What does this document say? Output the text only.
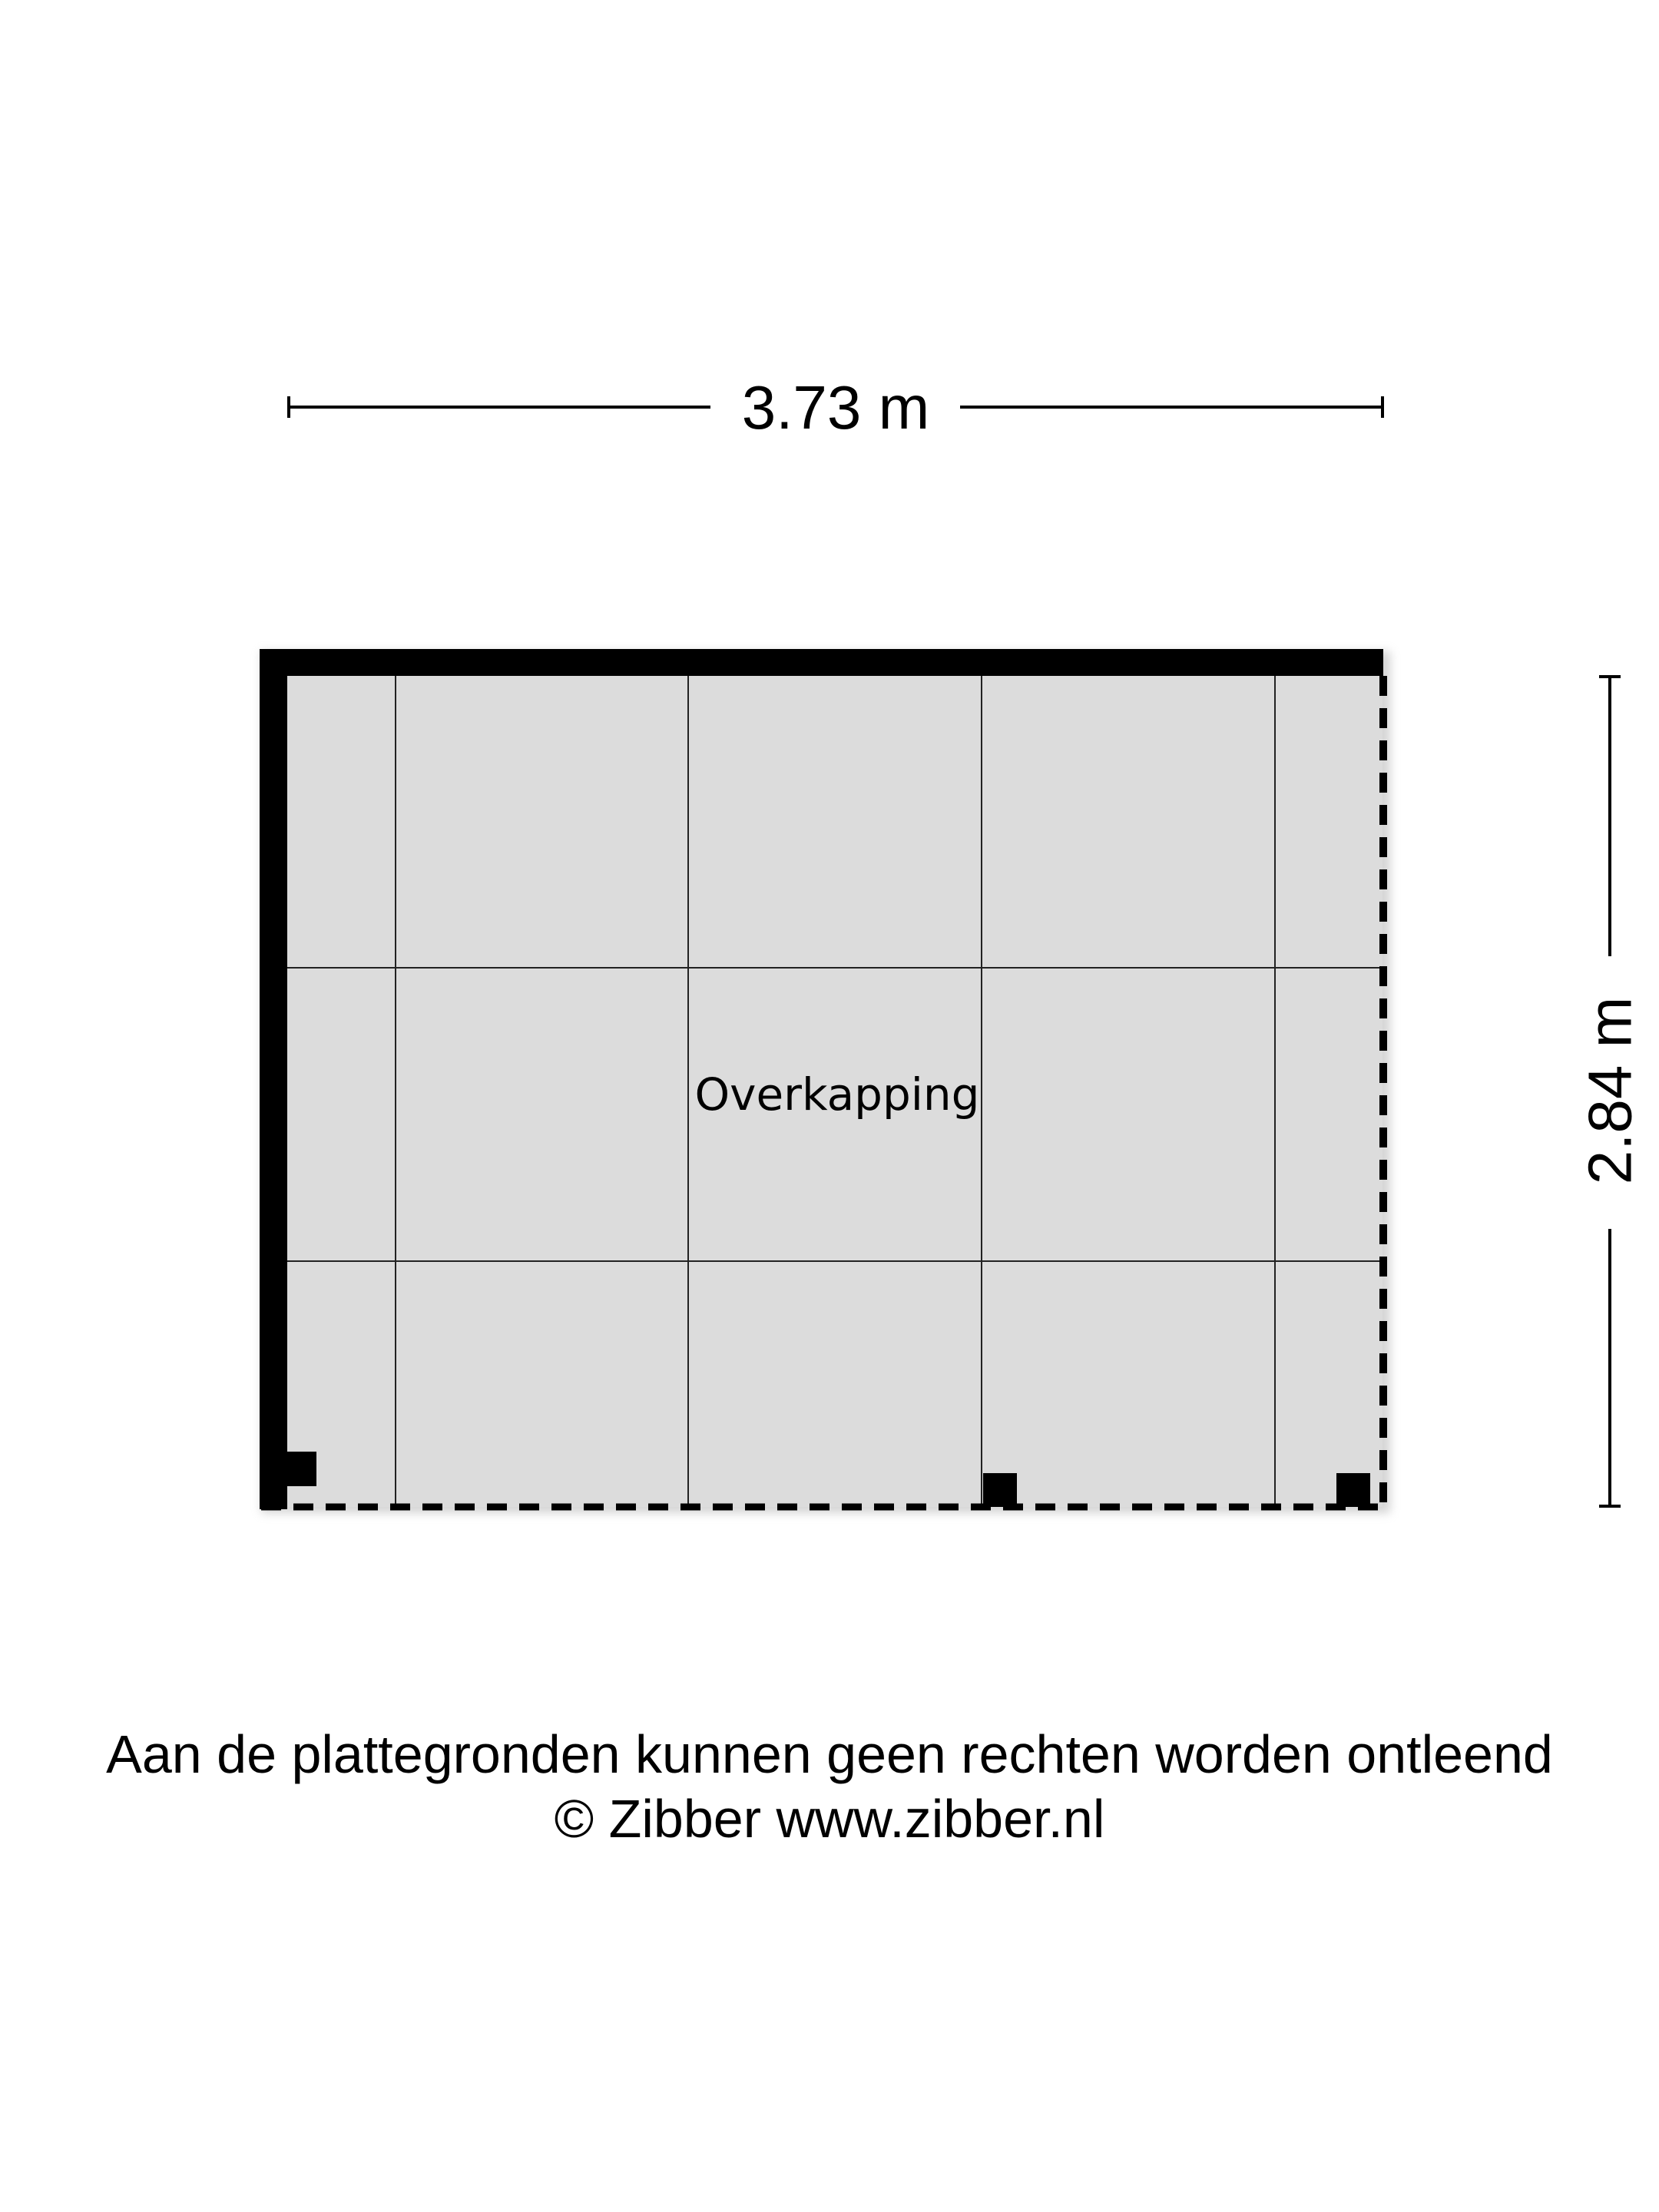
3.73 m
2.84 m
Overkapping
Aan de plattegronden kunnen geen rechten worden ontleend
© Zibber www.zibber.nl
